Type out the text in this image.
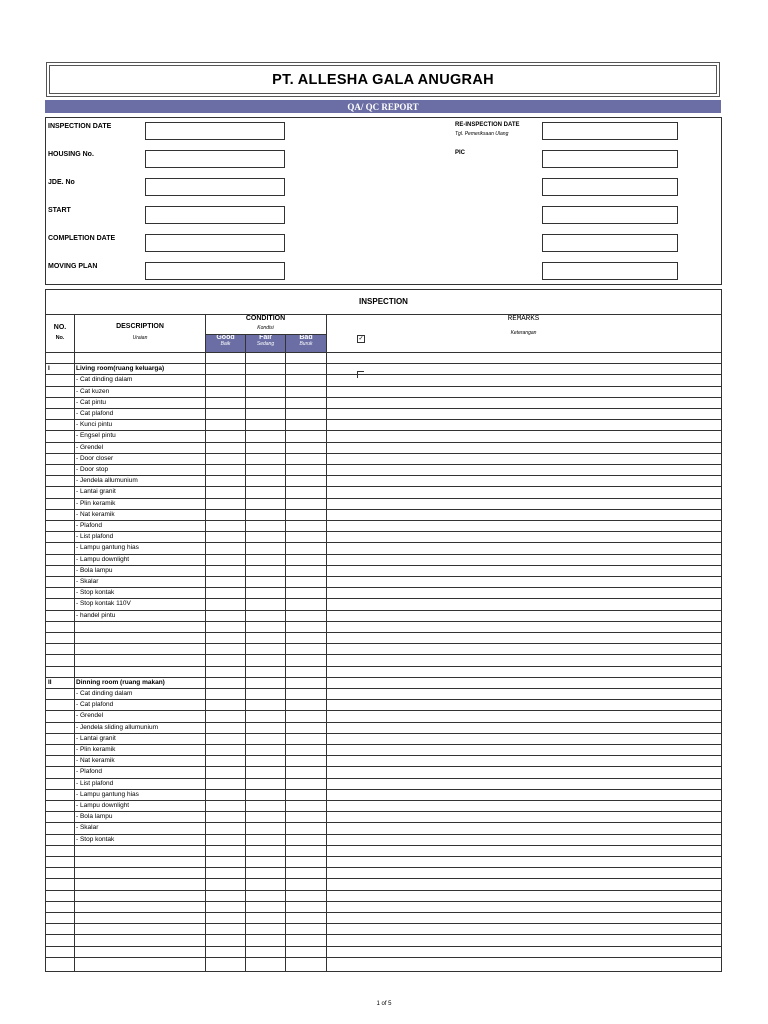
PT. ALLESHA GALA ANUGRAH
QA/ QC REPORT
INSPECTION DATE
HOUSING No.
JDE. No
START
COMPLETION DATE
MOVING PLAN
RE-INSPECTION DATE
Tgl. Pemeriksaan Ulang
PIC
INSPECTION
NO.
No.
DESCRIPTION
Uraian
CONDITION
Kondisi
Good
Baik
Fair
Sedang
Bad
Buruk
REMARKS
Keterangan
✓
I	Living room(ruang keluarga)
- Cat dinding dalam
- Cat kuzen
- Cat pintu
- Cat plafond
- Kunci pintu
- Engsel pintu
- Grendel
- Door closer
- Door stop
- Jendela allumunium
- Lantai granit
- Plin keramik
- Nat keramik
- Plafond
- List plafond
- Lampu gantung hias
- Lampu downlight
- Bola lampu
- Skalar
- Stop kontak
- Stop kontak 110V
- handel pintu
II	Dinning room (ruang makan)
- Cat dinding dalam
- Cat plafond
- Grendel
- Jendela sliding allumunium
- Lantai granit
- Plin keramik
- Nat keramik
- Plafond
- List plafond
- Lampu gantung hias
- Lampu downlight
- Bola lampu
- Skalar
- Stop kontak
1 of 5
